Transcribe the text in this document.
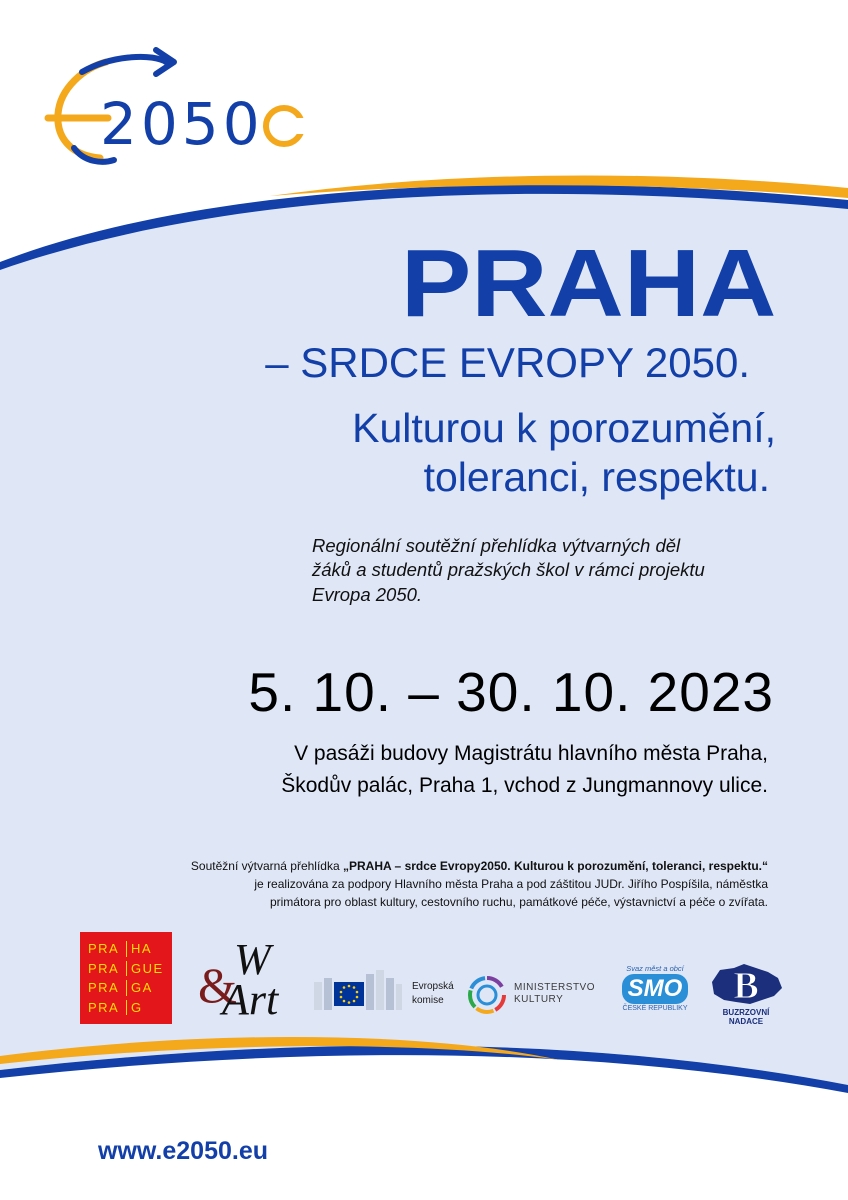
2050
PRAHA
– SRDCE EVROPY 2050.
Kulturou k porozumění,
toleranci, respektu.
Regionální soutěžní přehlídka výtvarných děl
žáků a studentů pražských škol v rámci projektu
Evropa 2050.
5. 10. – 30. 10. 2023
V pasáži budovy Magistrátu hlavního města Praha,
Škodův palác, Praha 1, vchod z Jungmannovy ulice.
Soutěžní výtvarná přehlídka „PRAHA – srdce Evropy2050. Kulturou k porozumění, toleranci, respektu.“
je realizována za podpory Hlavního města Praha a pod záštitou JUDr. Jiřího Pospíšila, náměstka
primátora pro oblast kultury, cestovního ruchu, památkové péče, výstavnictví a péče o zvířata.
PRA HA
PRA GUE
PRA GA
PRA G
W
&
Art	Evropská
komise
MINISTERSTVO
KULTURY
Svaz měst a obcí
SMO
ČESKÉ REPUBLIKY
B
BUZRZOVNÍ NADACE
www.e2050.eu
